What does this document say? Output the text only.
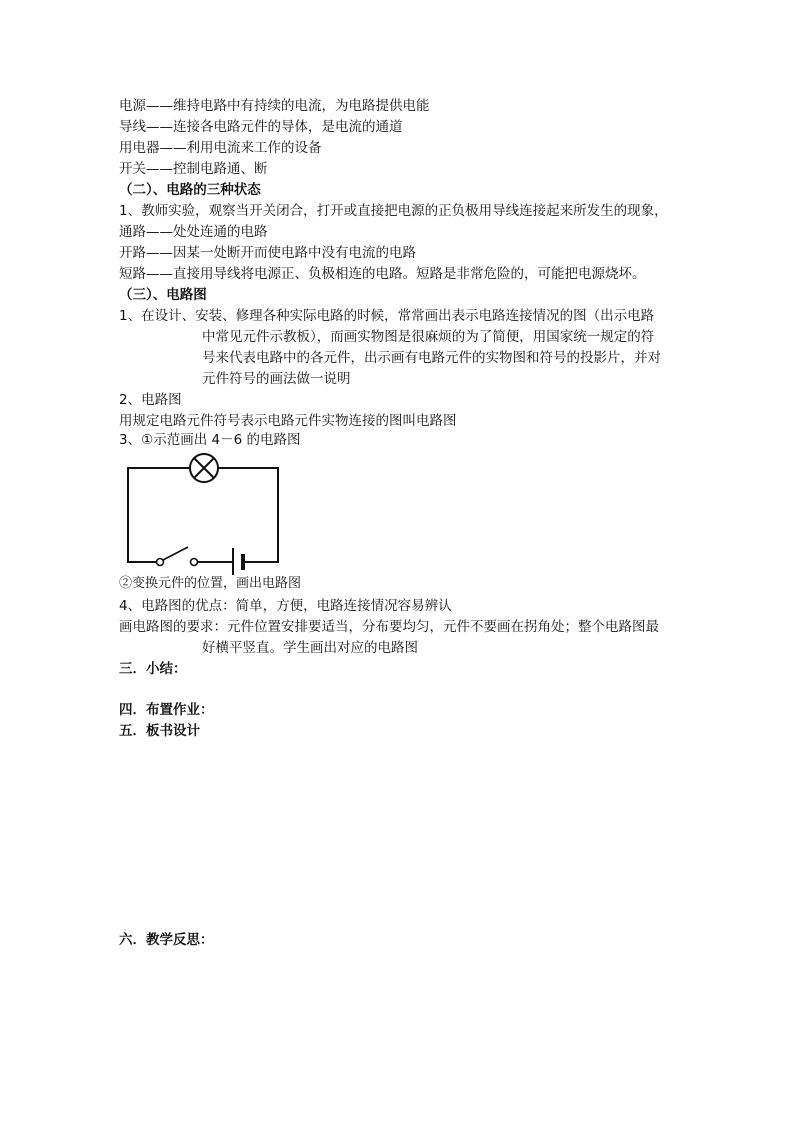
电源——维持电路中有持续的电流，为电路提供电能
导线——连接各电路元件的导体，是电流的通道
用电器——利用电流来工作的设备
开关——控制电路通、断
（二）、电路的三种状态
1、教师实验，观察当开关闭合，打开或直接把电源的正负极用导线连接起来所发生的现象，
通路——处处连通的电路
开路——因某一处断开而使电路中没有电流的电路
短路——直接用导线将电源正、负极相连的电路。短路是非常危险的，可能把电源烧坏。
（三）、电路图
1、在设计、安装、修理各种实际电路的时候，常常画出表示电路连接情况的图（出示电路
中常见元件示教板），而画实物图是很麻烦的为了简便，用国家统一规定的符
号来代表电路中的各元件，出示画有电路元件的实物图和符号的投影片，并对
元件符号的画法做一说明
2、电路图
用规定电路元件符号表示电路元件实物连接的图叫电路图
3、①示范画出 4－6 的电路图
②变换元件的位置，画出电路图
4、电路图的优点：简单，方便，电路连接情况容易辨认
画电路图的要求：元件位置安排要适当，分布要均匀，元件不要画在拐角处；整个电路图最
好横平竖直。学生画出对应的电路图
三．小结：
四．布置作业：
五．板书设计
六．教学反思：
